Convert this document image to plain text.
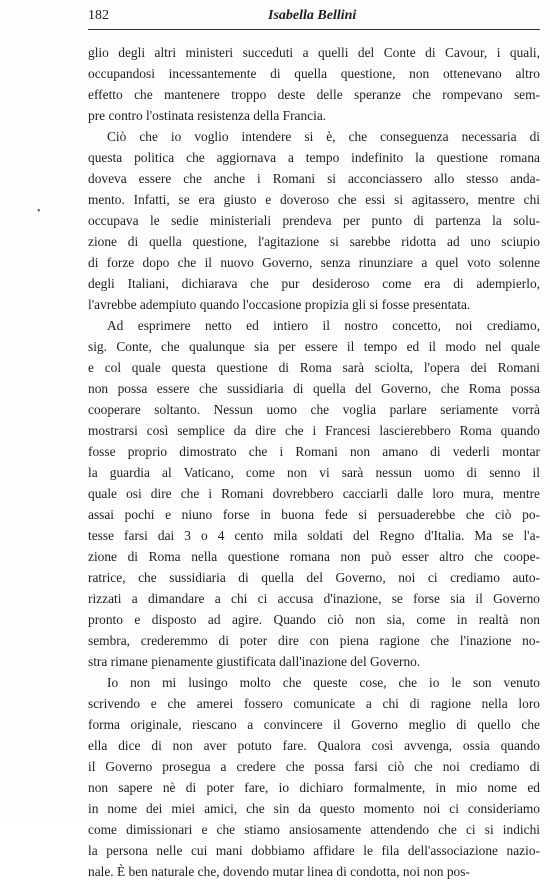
182	Isabella Bellini
•
glio degli altri ministeri succeduti a quelli del Conte di Cavour, i quali,
occupandosi incessantemente di quella questione, non ottenevano altro
effetto che mantenere troppo deste delle speranze che rompevano sem-
pre contro l'ostinata resistenza della Francia.
Ciò che io voglio intendere si è, che conseguenza necessaria di
questa politica che aggiornava a tempo indefinito la questione romana
doveva essere che anche i Romani si acconciassero allo stesso anda-
mento. Infatti, se era giusto e doveroso che essi si agitassero, mentre chi
occupava le sedie ministeriali prendeva per punto di partenza la solu-
zione di quella questione, l'agitazione si sarebbe ridotta ad uno sciupio
di forze dopo che il nuovo Governo, senza rinunziare a quel voto solenne
degli Italiani, dichiarava che pur desideroso come era di adempierlo,
l'avrebbe adempiuto quando l'occasione propizia gli si fosse presentata.
Ad esprimere netto ed intiero il nostro concetto, noi crediamo,
sig. Conte, che qualunque sia per essere il tempo ed il modo nel quale
e col quale questa questione di Roma sarà sciolta, l'opera dei Romani
non possa essere che sussidiaria di quella del Governo, che Roma possa
cooperare soltanto. Nessun uomo che voglia parlare seriamente vorrà
mostrarsi così semplice da dire che i Francesi lascierebbero Roma quando
fosse proprio dimostrato che i Romani non amano di vederli montar
la guardia al Vaticano, come non vi sarà nessun uomo di senno il
quale osi dire che i Romani dovrebbero cacciarli dalle loro mura, mentre
assai pochi e niuno forse in buona fede si persuaderebbe che ciò po-
tesse farsi dai 3 o 4 cento mila soldati del Regno d'Italia. Ma se l'a-
zione di Roma nella questione romana non può esser altro che coope-
ratrice, che sussidiaria di quella del Governo, noi ci crediamo auto-
rizzati a dimandare a chi ci accusa d'inazione, se forse sia il Governo
pronto e disposto ad agire. Quando ciò non sia, come in realtà non
sembra, crederemmo di poter dire con piena ragione che l'inazione no-
stra rimane pienamente giustificata dall'inazione del Governo.
Io non mi lusingo molto che queste cose, che io le son venuto
scrivendo e che amerei fossero comunicate a chi di ragione nella loro
forma originale, riescano a convincere il Governo meglio di quello che
ella dice di non aver potuto fare. Qualora così avvenga, ossia quando
il Governo prosegua a credere che possa farsi ciò che noi crediamo di
non sapere nè di poter fare, io dichiaro formalmente, in mio nome ed
in nome dei miei amici, che sin da questo momento noi ci consideriamo
come dimissionari e che stiamo ansiosamente attendendo che ci si indichi
la persona nelle cui mani dobbiamo affidare le fila dell'associazione nazio-
nale. È ben naturale che, dovendo mutar linea di condotta, noi non pos-
